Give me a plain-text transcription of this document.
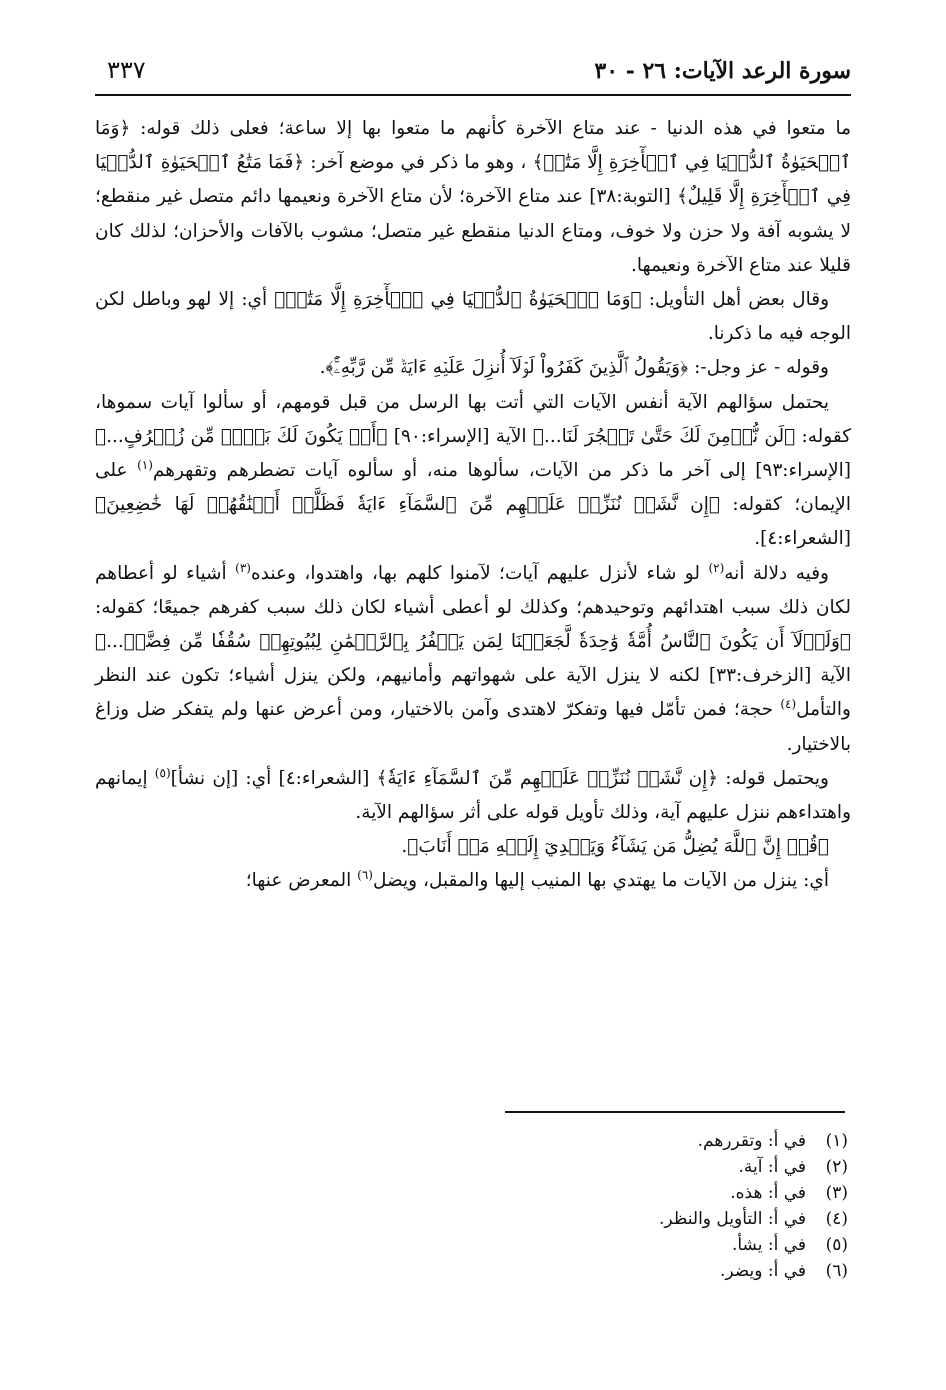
٣٣٧	سورة الرعد الآيات: ٢٦ - ٣٠

ما متعوا في هذه الدنيا - عند متاع الآخرة كأنهم ما متعوا بها إلا ساعة؛ فعلى ذلك قوله: ﴿وَمَا ٱلۡحَيَوٰةُ ٱلدُّنۡيَا فِي ٱلۡأٓخِرَةِ إِلَّا مَتَٰعٞ﴾ ، وهو ما ذكر في موضع آخر: ﴿فَمَا مَتَٰعُ ٱلۡحَيَوٰةِ ٱلدُّنۡيَا فِي ٱلۡأٓخِرَةِ إِلَّا قَلِيلٌ﴾ [التوبة:٣٨] عند متاع الآخرة؛ لأن متاع الآخرة ونعيمها دائم متصل غير منقطع؛ لا يشوبه آفة ولا حزن ولا خوف، ومتاع الدنيا منقطع غير متصل؛ مشوب بالآفات والأحزان؛ لذلك كان قليلا عند متاع الآخرة ونعيمها.

وقال بعض أهل التأويل: ﴿وَمَا ٱلۡحَيَوٰةُ ٱلدُّنۡيَا فِي ٱلۡأٓخِرَةِ إِلَّا مَتَٰعٞ﴾ أي: إلا لهو وباطل لكن الوجه فيه ما ذكرنا.

وقوله - عز وجل-: ﴿وَيَقُولُ ٱلَّذِينَ كَفَرُواْ لَوۡلَآ أُنزِلَ عَلَيۡهِ ءَايَةٞ مِّن رَّبِّهِۦٓۚ﴾.

يحتمل سؤالهم الآية أنفس الآيات التي أتت بها الرسل من قبل قومهم، أو سألوا آيات سموها، كقوله: ﴿لَن نُّؤۡمِنَ لَكَ حَتَّىٰ تَفۡجُرَ لَنَا...﴾ الآية [الإسراء:٩٠] ﴿أَوۡ يَكُونَ لَكَ بَيۡتٞ مِّن زُخۡرُفٍ...﴾ [الإسراء:٩٣] إلى آخر ما ذكر من الآيات، سألوها منه، أو سألوه آيات تضطرهم وتقهرهم$^{(١)}$ على الإيمان؛ كقوله: ﴿إِن نَّشَأۡ نُنَزِّلۡ عَلَيۡهِم مِّنَ ٱلسَّمَآءِ ءَايَةٗ فَظَلَّتۡ أَعۡنَٰقُهُمۡ لَهَا خَٰضِعِينَ﴾ [الشعراء:٤].

وفيه دلالة أنه$^{(٢)}$ لو شاء لأنزل عليهم آيات؛ لآمنوا كلهم بها، واهتدوا، وعنده$^{(٣)}$ أشياء لو أعطاهم لكان ذلك سبب اهتدائهم وتوحيدهم؛ وكذلك لو أعطى أشياء لكان ذلك سبب كفرهم جميعًا؛ كقوله: ﴿وَلَوۡلَآ أَن يَكُونَ ٱلنَّاسُ أُمَّةٗ وَٰحِدَةٗ لَّجَعَلۡنَا لِمَن يَكۡفُرُ بِٱلرَّحۡمَٰنِ لِبُيُوتِهِمۡ سُقُفٗا مِّن فِضَّةٖ...﴾ الآية [الزخرف:٣٣] لكنه لا ينزل الآية على شهواتهم وأمانيهم، ولكن ينزل أشياء؛ تكون عند النظر والتأمل$^{(٤)}$ حجة؛ فمن تأمّل فيها وتفكرّ لاهتدى وآمن بالاختيار، ومن أعرض عنها ولم يتفكر ضل وزاغ بالاختيار.

ويحتمل قوله: ﴿إِن نَّشَأۡ نُنَزِّلۡ عَلَيۡهِم مِّنَ ٱلسَّمَآءِ ءَايَةٗ﴾ [الشعراء:٤] أي: [إن نشأ]$^{(٥)}$ إيمانهم واهتداءهم ننزل عليهم آية، وذلك تأويل قوله على أثر سؤالهم الآية.

﴿قُلۡ إِنَّ ٱللَّهَ يُضِلُّ مَن يَشَآءُ وَيَهۡدِيٓ إِلَيۡهِ مَنۡ أَنَابَ﴾.

أي: ينزل من الآيات ما يهتدي بها المنيب إليها والمقبل، ويضل$^{(٦)}$ المعرض عنها؛

(١)
في أ: وتقررهم.
(٢)
في أ: آية.
(٣)
في أ: هذه.
(٤)
في أ: التأويل والنظر.
(٥)
في أ: يشأ.
(٦)
في أ: ويضر.
